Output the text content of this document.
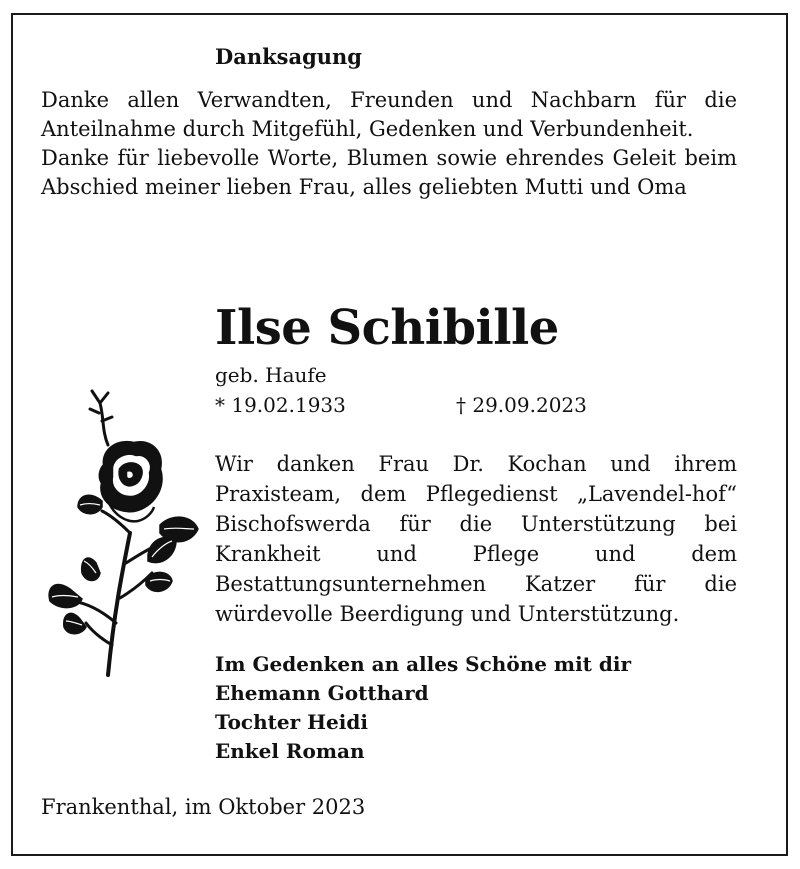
Danksagung

Danke allen Verwandten, Freunden und Nachbarn für die Anteilnahme durch Mitgefühl, Gedenken und Verbundenheit.

Danke für liebevolle Worte, Blumen sowie ehrendes Geleit beim Abschied meiner lieben Frau, alles geliebten Mutti und Oma

Ilse Schibille
geb. Haufe
* 19.02.1933	† 29.09.2023

Wir danken Frau Dr. Kochan und ihrem Praxisteam, dem Pflegedienst „Lavendel-hof“ Bischofswerda für die Unterstützung bei Krankheit und Pflege und dem Bestattungsunternehmen Katzer für die würdevolle Beerdigung und Unterstützung.

Im Gedenken an alles Schöne mit dir
Ehemann Gotthard
Tochter Heidi
Enkel Roman
Frankenthal, im Oktober 2023
